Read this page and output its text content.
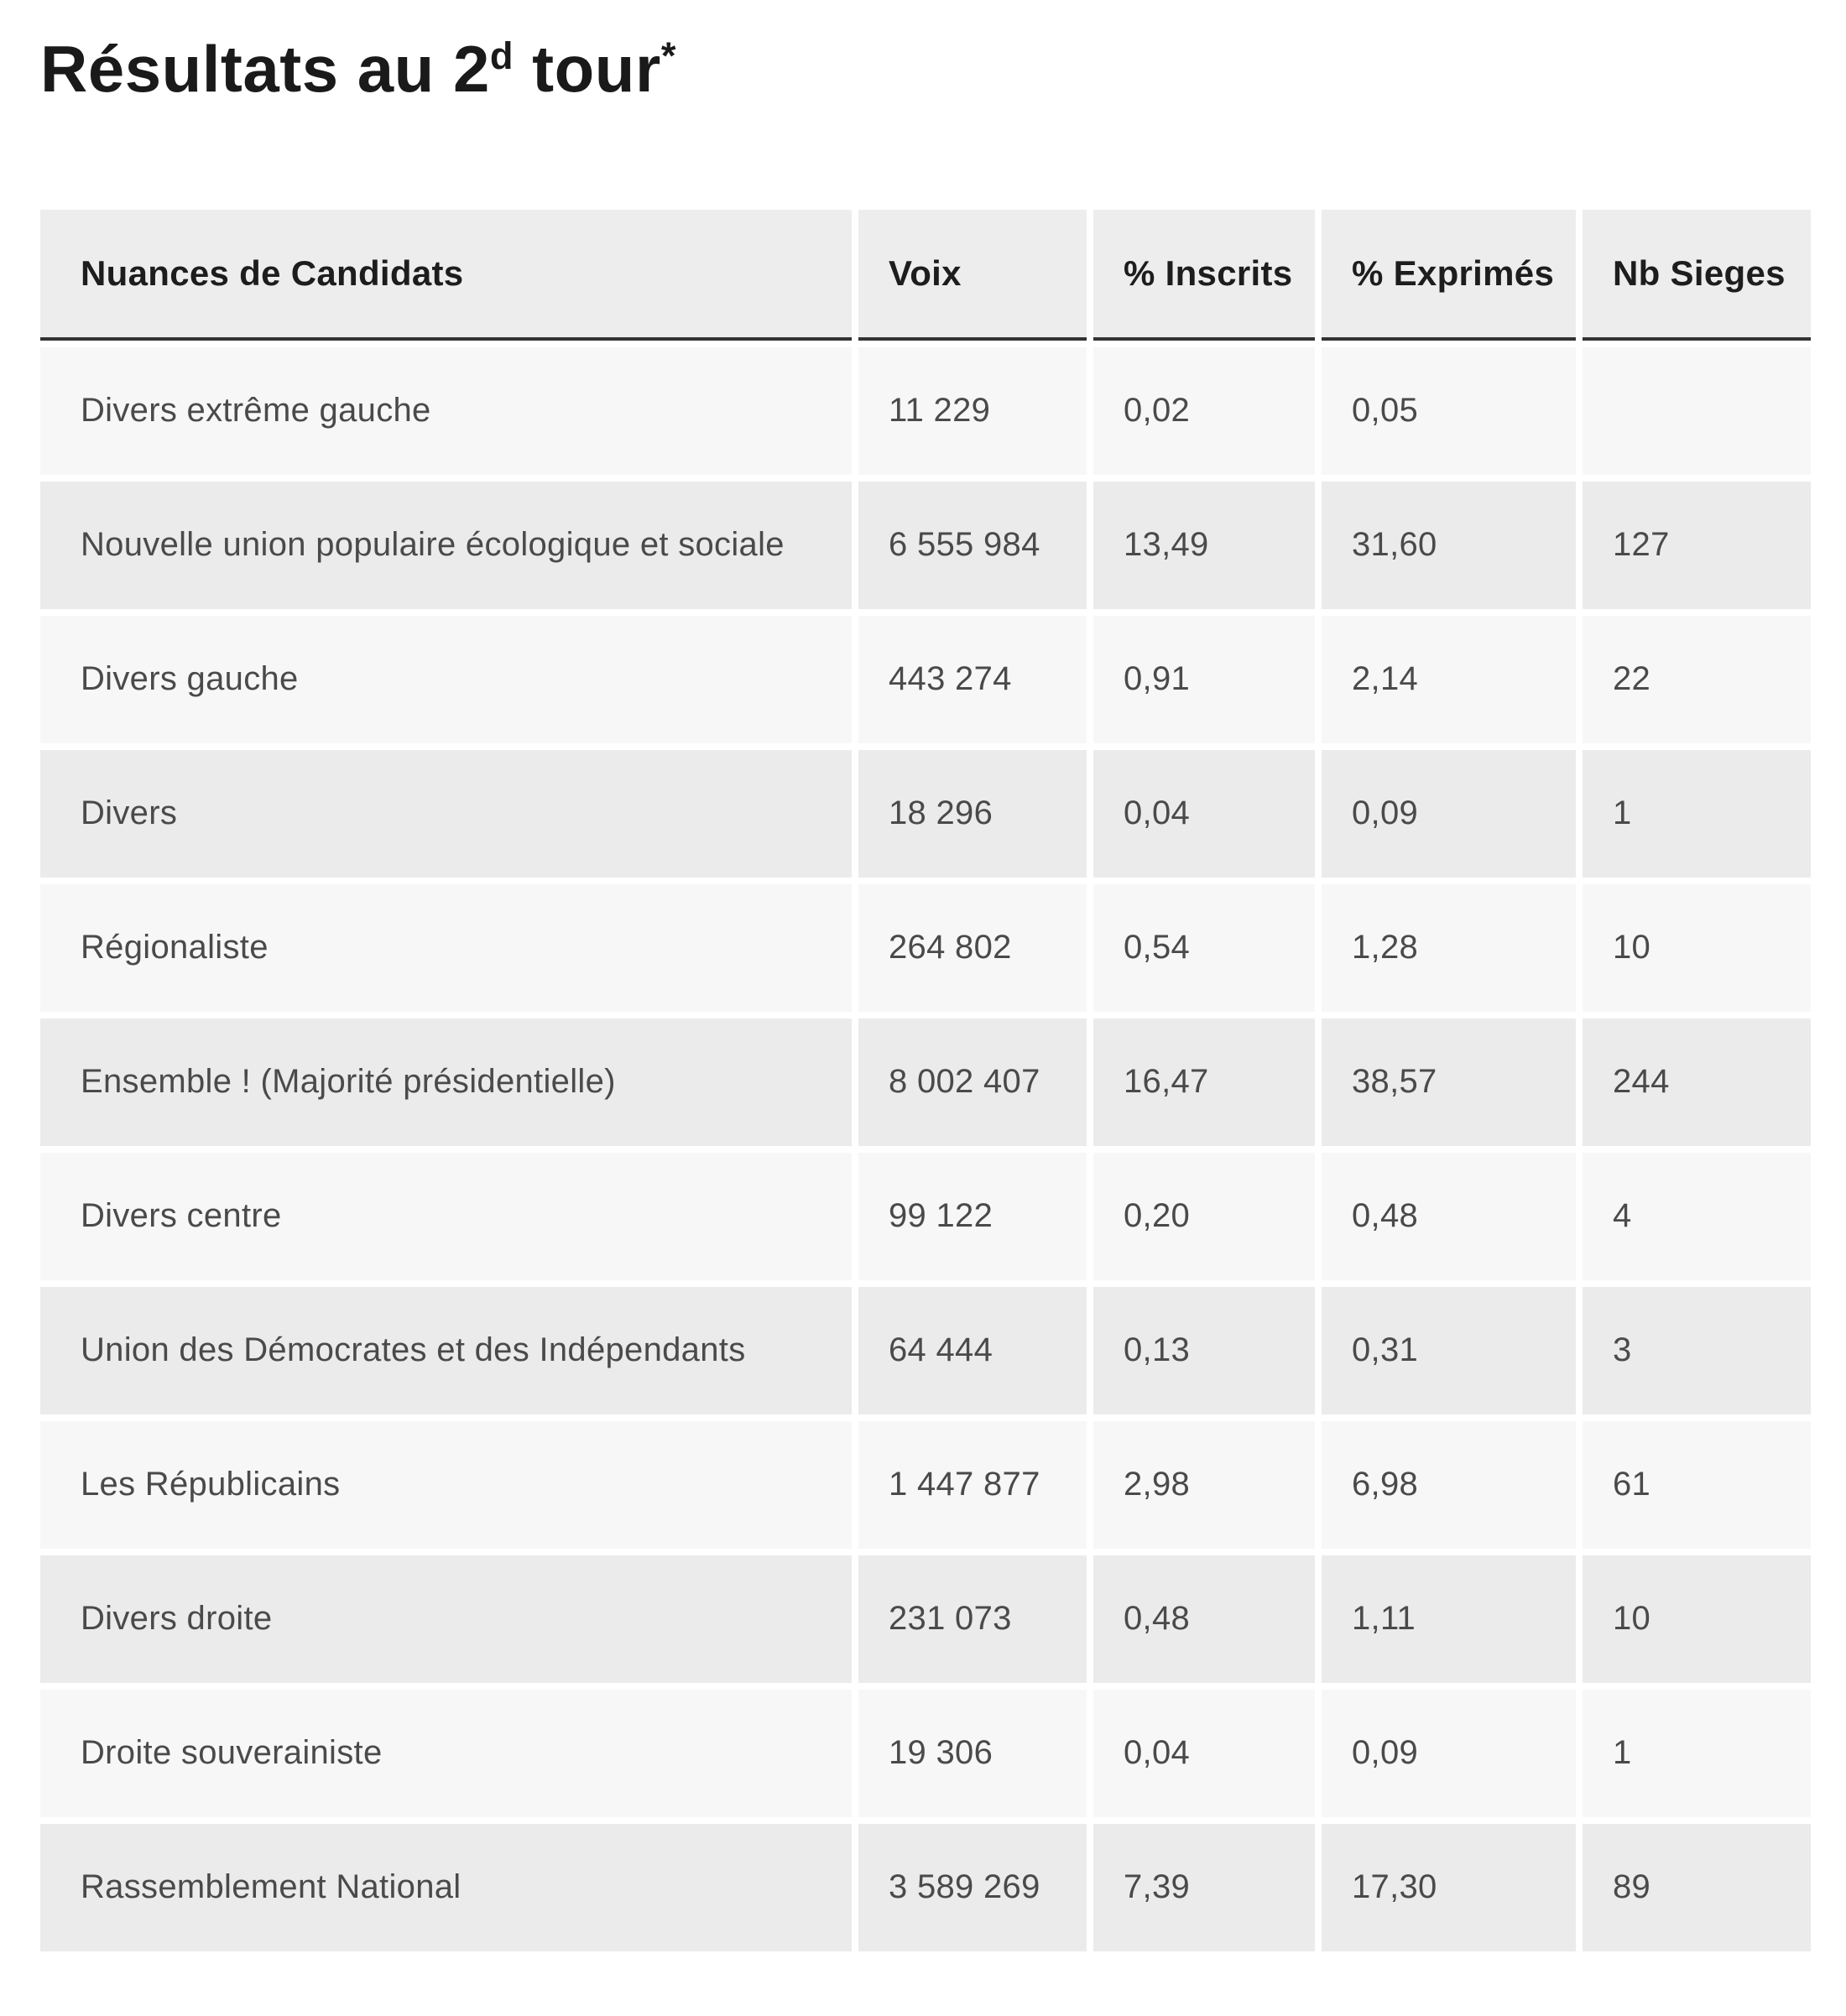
Résultats au 2$^d$ tour*
Nuances de Candidats	Voix	% Inscrits	% Exprimés	Nb Sieges
Divers extrême gauche	11 229	0,02	0,05
Nouvelle union populaire écologique et sociale	6 555 984	13,49	31,60	127
Divers gauche	443 274	0,91	2,14	22
Divers	18 296	0,04	0,09	1
Régionaliste	264 802	0,54	1,28	10
Ensemble ! (Majorité présidentielle)	8 002 407	16,47	38,57	244
Divers centre	99 122	0,20	0,48	4
Union des Démocrates et des Indépendants	64 444	0,13	0,31	3
Les Républicains	1 447 877	2,98	6,98	61
Divers droite	231 073	0,48	1,11	10
Droite souverainiste	19 306	0,04	0,09	1
Rassemblement National	3 589 269	7,39	17,30	89
